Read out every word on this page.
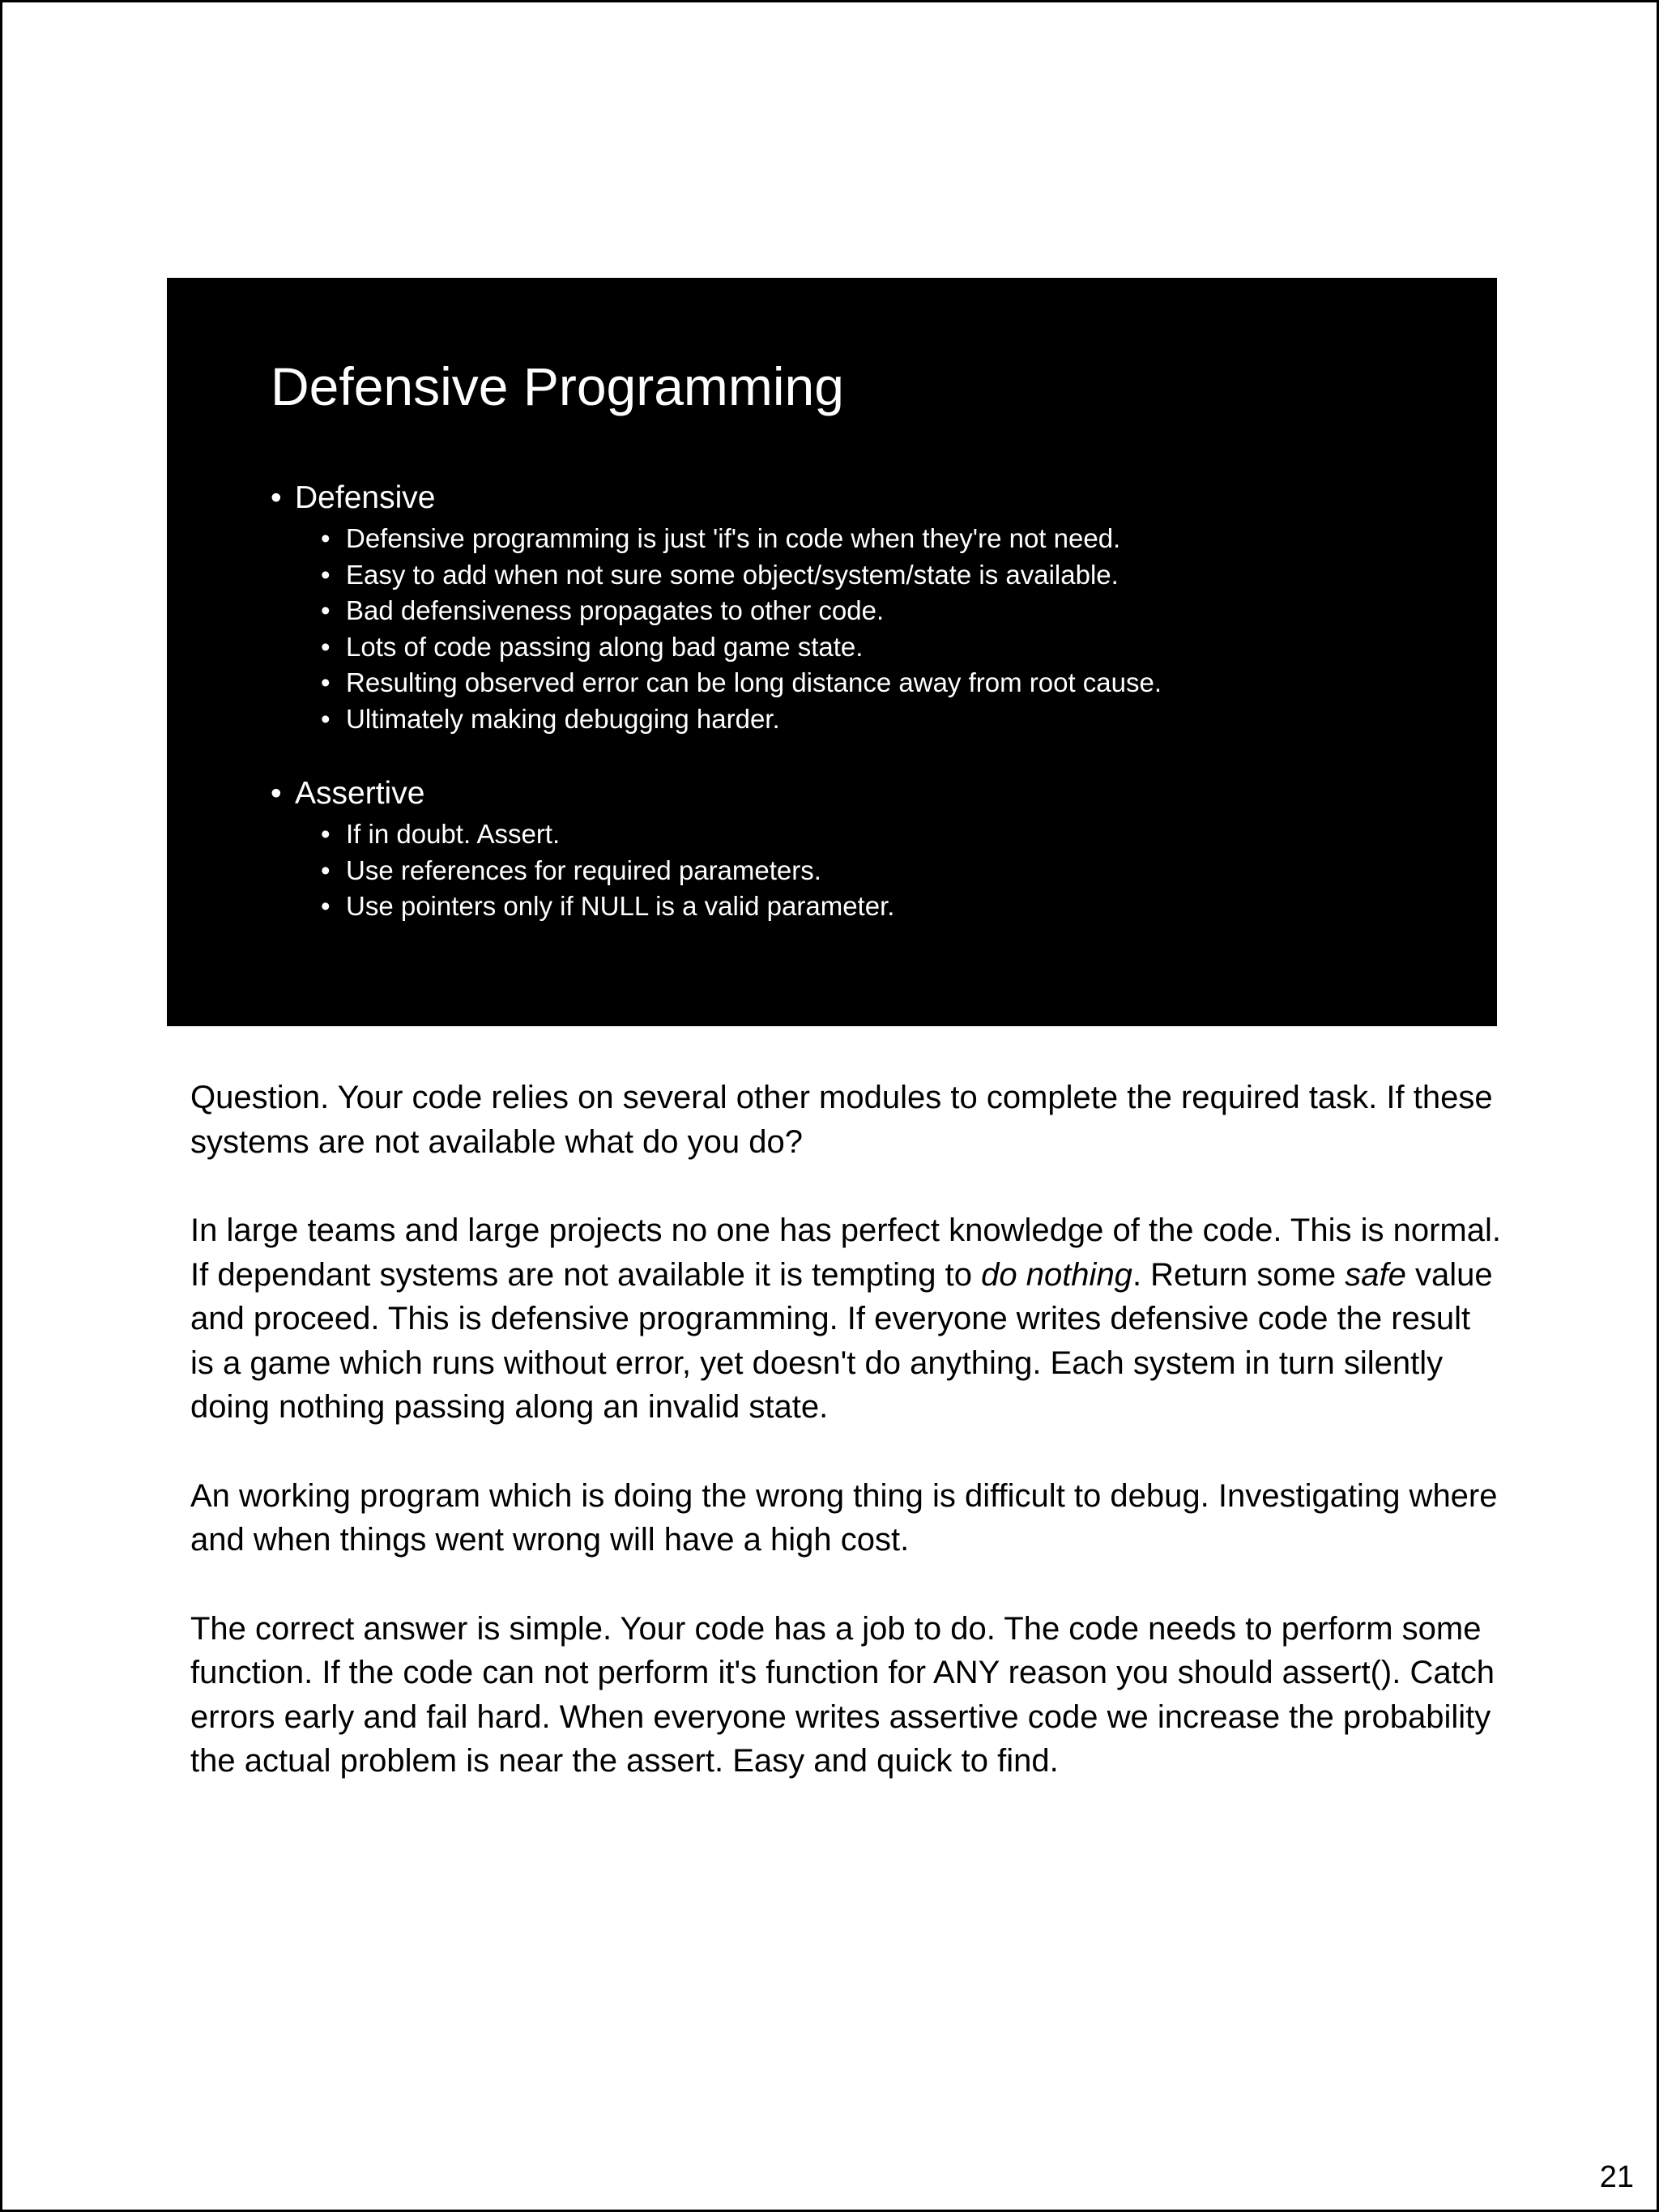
Defensive Programming
• Defensive
• Defensive programming is just 'if's in code when they're not need.
• Easy to add when not sure some object/system/state is available.
• Bad defensiveness propagates to other code.
• Lots of code passing along bad game state.
• Resulting observed error can be long distance away from root cause.
• Ultimately making debugging harder.
• Assertive
• If in doubt. Assert.
• Use references for required parameters.
• Use pointers only if NULL is a valid parameter.

Question. Your code relies on several other modules to complete the required task. If these systems are not available what do you do?

In large teams and large projects no one has perfect knowledge of the code. This is normal. If dependant systems are not available it is tempting to do nothing. Return some safe value and proceed. This is defensive programming. If everyone writes defensive code the result is a game which runs without error, yet doesn't do anything. Each system in turn silently doing nothing passing along an invalid state.

An working program which is doing the wrong thing is difficult to debug. Investigating where and when things went wrong will have a high cost.

The correct answer is simple. Your code has a job to do. The code needs to perform some function. If the code can not perform it's function for ANY reason you should assert(). Catch errors early and fail hard. When everyone writes assertive code we increase the probability the actual problem is near the assert. Easy and quick to find.

21
